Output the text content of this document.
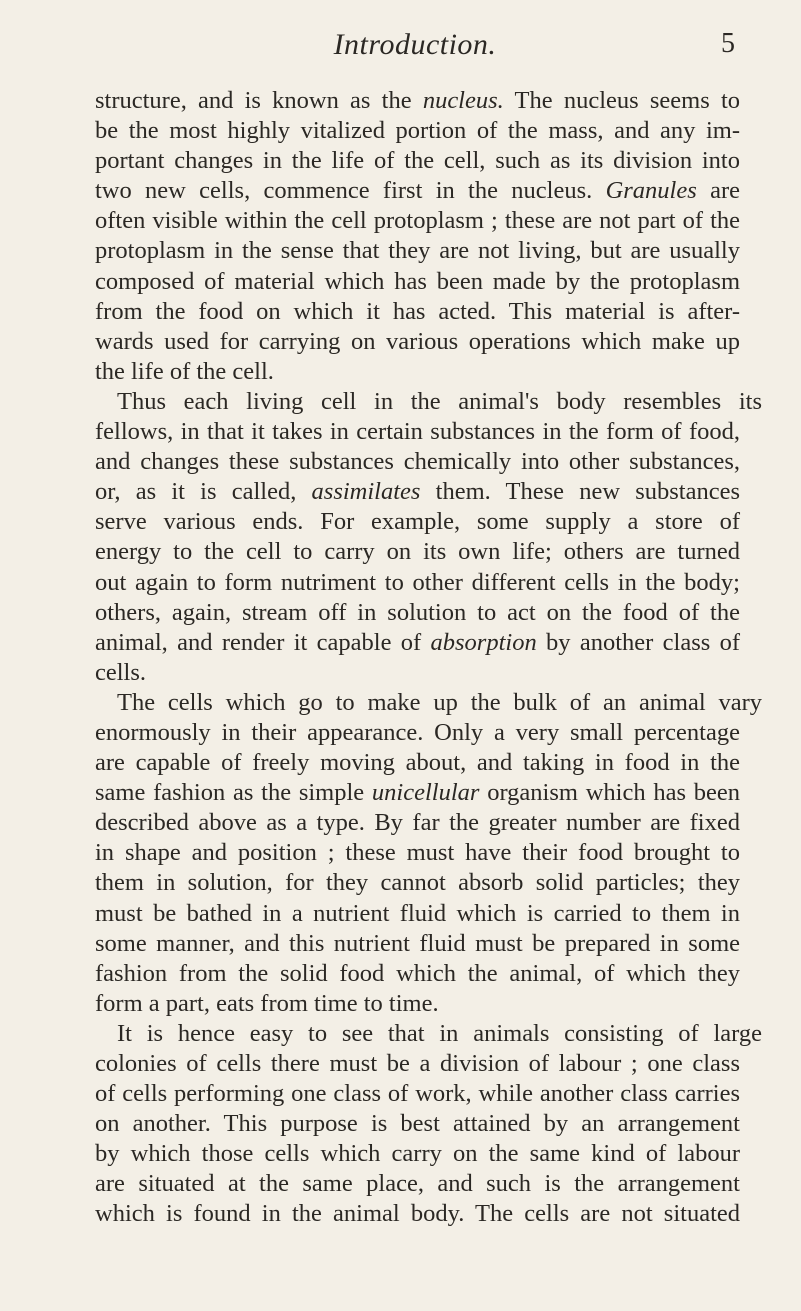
Introduction.	5
structure, and is known as the nucleus. The nucleus seems to
be the most highly vitalized portion of the mass, and any im-
portant changes in the life of the cell, such as its division into
two new cells, commence first in the nucleus. Granules are
often visible within the cell protoplasm ; these are not part of the
protoplasm in the sense that they are not living, but are usually
composed of material which has been made by the protoplasm
from the food on which it has acted. This material is after-
wards used for carrying on various operations which make up
the life of the cell.
Thus each living cell in the animal's body resembles its
fellows, in that it takes in certain substances in the form of food,
and changes these substances chemically into other substances,
or, as it is called, assimilates them. These new substances
serve various ends. For example, some supply a store of
energy to the cell to carry on its own life; others are turned
out again to form nutriment to other different cells in the body;
others, again, stream off in solution to act on the food of the
animal, and render it capable of absorption by another class of
cells.
The cells which go to make up the bulk of an animal vary
enormously in their appearance. Only a very small percentage
are capable of freely moving about, and taking in food in the
same fashion as the simple unicellular organism which has been
described above as a type. By far the greater number are fixed
in shape and position ; these must have their food brought to
them in solution, for they cannot absorb solid particles; they
must be bathed in a nutrient fluid which is carried to them in
some manner, and this nutrient fluid must be prepared in some
fashion from the solid food which the animal, of which they
form a part, eats from time to time.
It is hence easy to see that in animals consisting of large
colonies of cells there must be a division of labour ; one class
of cells performing one class of work, while another class carries
on another. This purpose is best attained by an arrangement
by which those cells which carry on the same kind of labour
are situated at the same place, and such is the arrangement
which is found in the animal body. The cells are not situated
